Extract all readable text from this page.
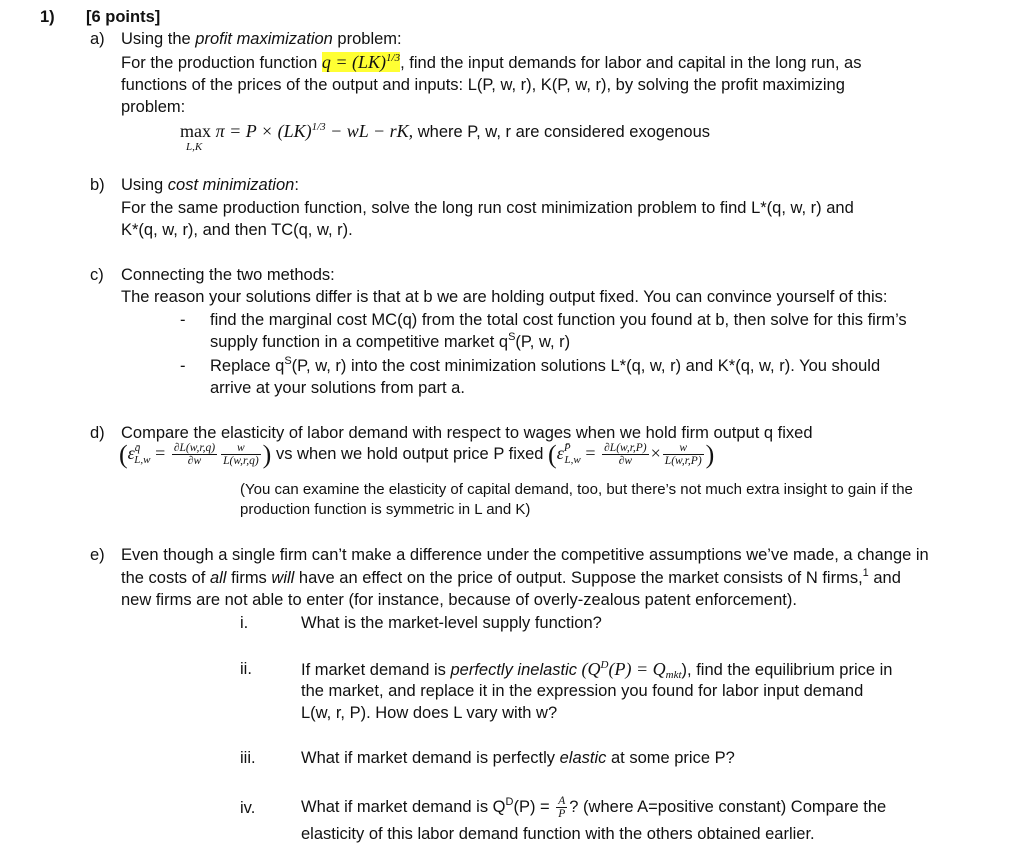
1) [6 points]
a) Using the profit maximization problem:
For the production function q = (LK)$^{1/3}$, find the input demands for labor and capital in the long run, as
functions of the prices of the output and inputs: L(P, w, r), K(P, w, r), by solving the profit maximizing
problem:
max π = P × (LK)$^{1/3}$ − wL − rK, where P, w, r are considered exogenous
L,K
b) Using cost minimization:
For the same production function, solve the long run cost minimization problem to find L*(q, w, r) and
K*(q, w, r), and then TC(q, w, r).
c) Connecting the two methods:
The reason your solutions differ is that at b we are holding output fixed. You can convince yourself of this:
- find the marginal cost MC(q) from the total cost function you found at b, then solve for this firm’s
supply function in a competitive market $q^S(P$, w, r)
- Replace $q^S(P$, w, r) into the cost minimization solutions L*(q, w, r) and K*(q, w, r). You should
arrive at your solutions from part a.
d) Compare the elasticity of labor demand with respect to wages when we hold firm output q fixed
($\varepsilon^{q̄}_{L,w} = \frac{\partial L(w,r,q)}{\partial w} \frac{w}{L(w,r,q)}$ ) vs when we hold output price P fixed ($\varepsilon^{P̄}_{L,w} = \frac{\partial L(w,r,P)}{\partial w} \times \frac{w}{L(w,r,P)}$ )
(You can examine the elasticity of capital demand, too, but there’s not much extra insight to gain if the
production function is symmetric in L and K)
e) Even though a single firm can’t make a difference under the competitive assumptions we’ve made, a change in
the costs of all firms will have an effect on the price of output. Suppose the market consists of N firms,$^1$ and
new firms are not able to enter (for instance, because of overly-zealous patent enforcement).
i.	What is the market-level supply function?
ii.	If market demand is perfectly inelastic $(Q^D(P) = Q_{mkt})$, find the equilibrium price in
the market, and replace it in the expression you found for labor input demand
L(w, r, P). How does L vary with w?
iii.	What if market demand is perfectly elastic at some price P?
iv.	What if market demand is $Q^D(P) = \frac{A}{P}$ ? (where A=positive constant) Compare the
elasticity of this labor demand function with the others obtained earlier.
